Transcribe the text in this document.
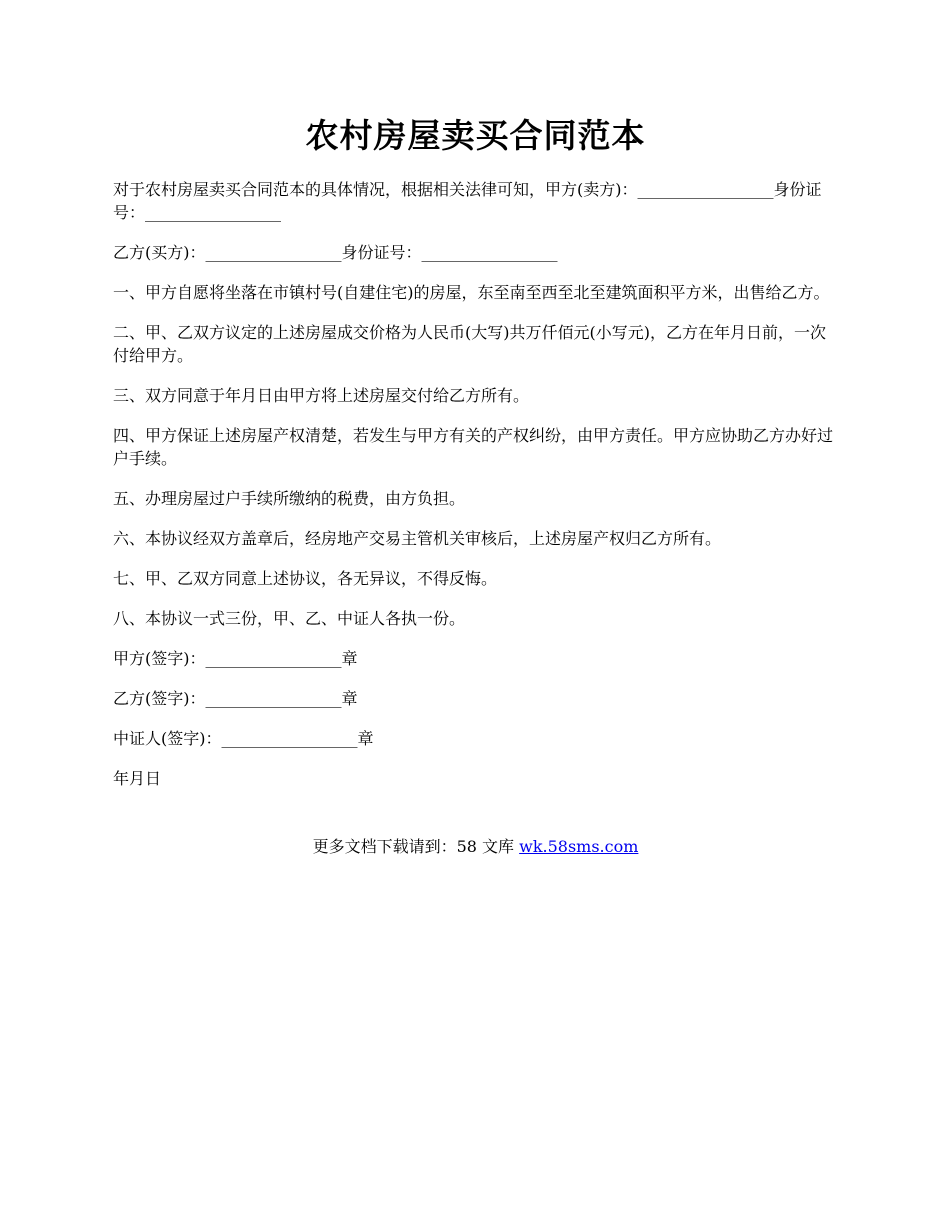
农村房屋卖买合同范本

对于农村房屋卖买合同范本的具体情况，根据相关法律可知，甲方(卖方)：_________________身份证号：_________________

乙方(买方)：_________________身份证号：_________________

一、甲方自愿将坐落在市镇村号(自建住宅)的房屋，东至南至西至北至建筑面积平方米，出售给乙方。

二、甲、乙双方议定的上述房屋成交价格为人民币(大写)共万仟佰元(小写元)，乙方在年月日前，一次付给甲方。

三、双方同意于年月日由甲方将上述房屋交付给乙方所有。

四、甲方保证上述房屋产权清楚，若发生与甲方有关的产权纠纷，由甲方责任。甲方应协助乙方办好过户手续。

五、办理房屋过户手续所缴纳的税费，由方负担。

六、本协议经双方盖章后，经房地产交易主管机关审核后，上述房屋产权归乙方所有。

七、甲、乙双方同意上述协议，各无异议，不得反悔。

八、本协议一式三份，甲、乙、中证人各执一份。

甲方(签字)：_________________章

乙方(签字)：_________________章

中证人(签字)：_________________章

年月日

更多文档下载请到：58 文库 wk.58sms.com
